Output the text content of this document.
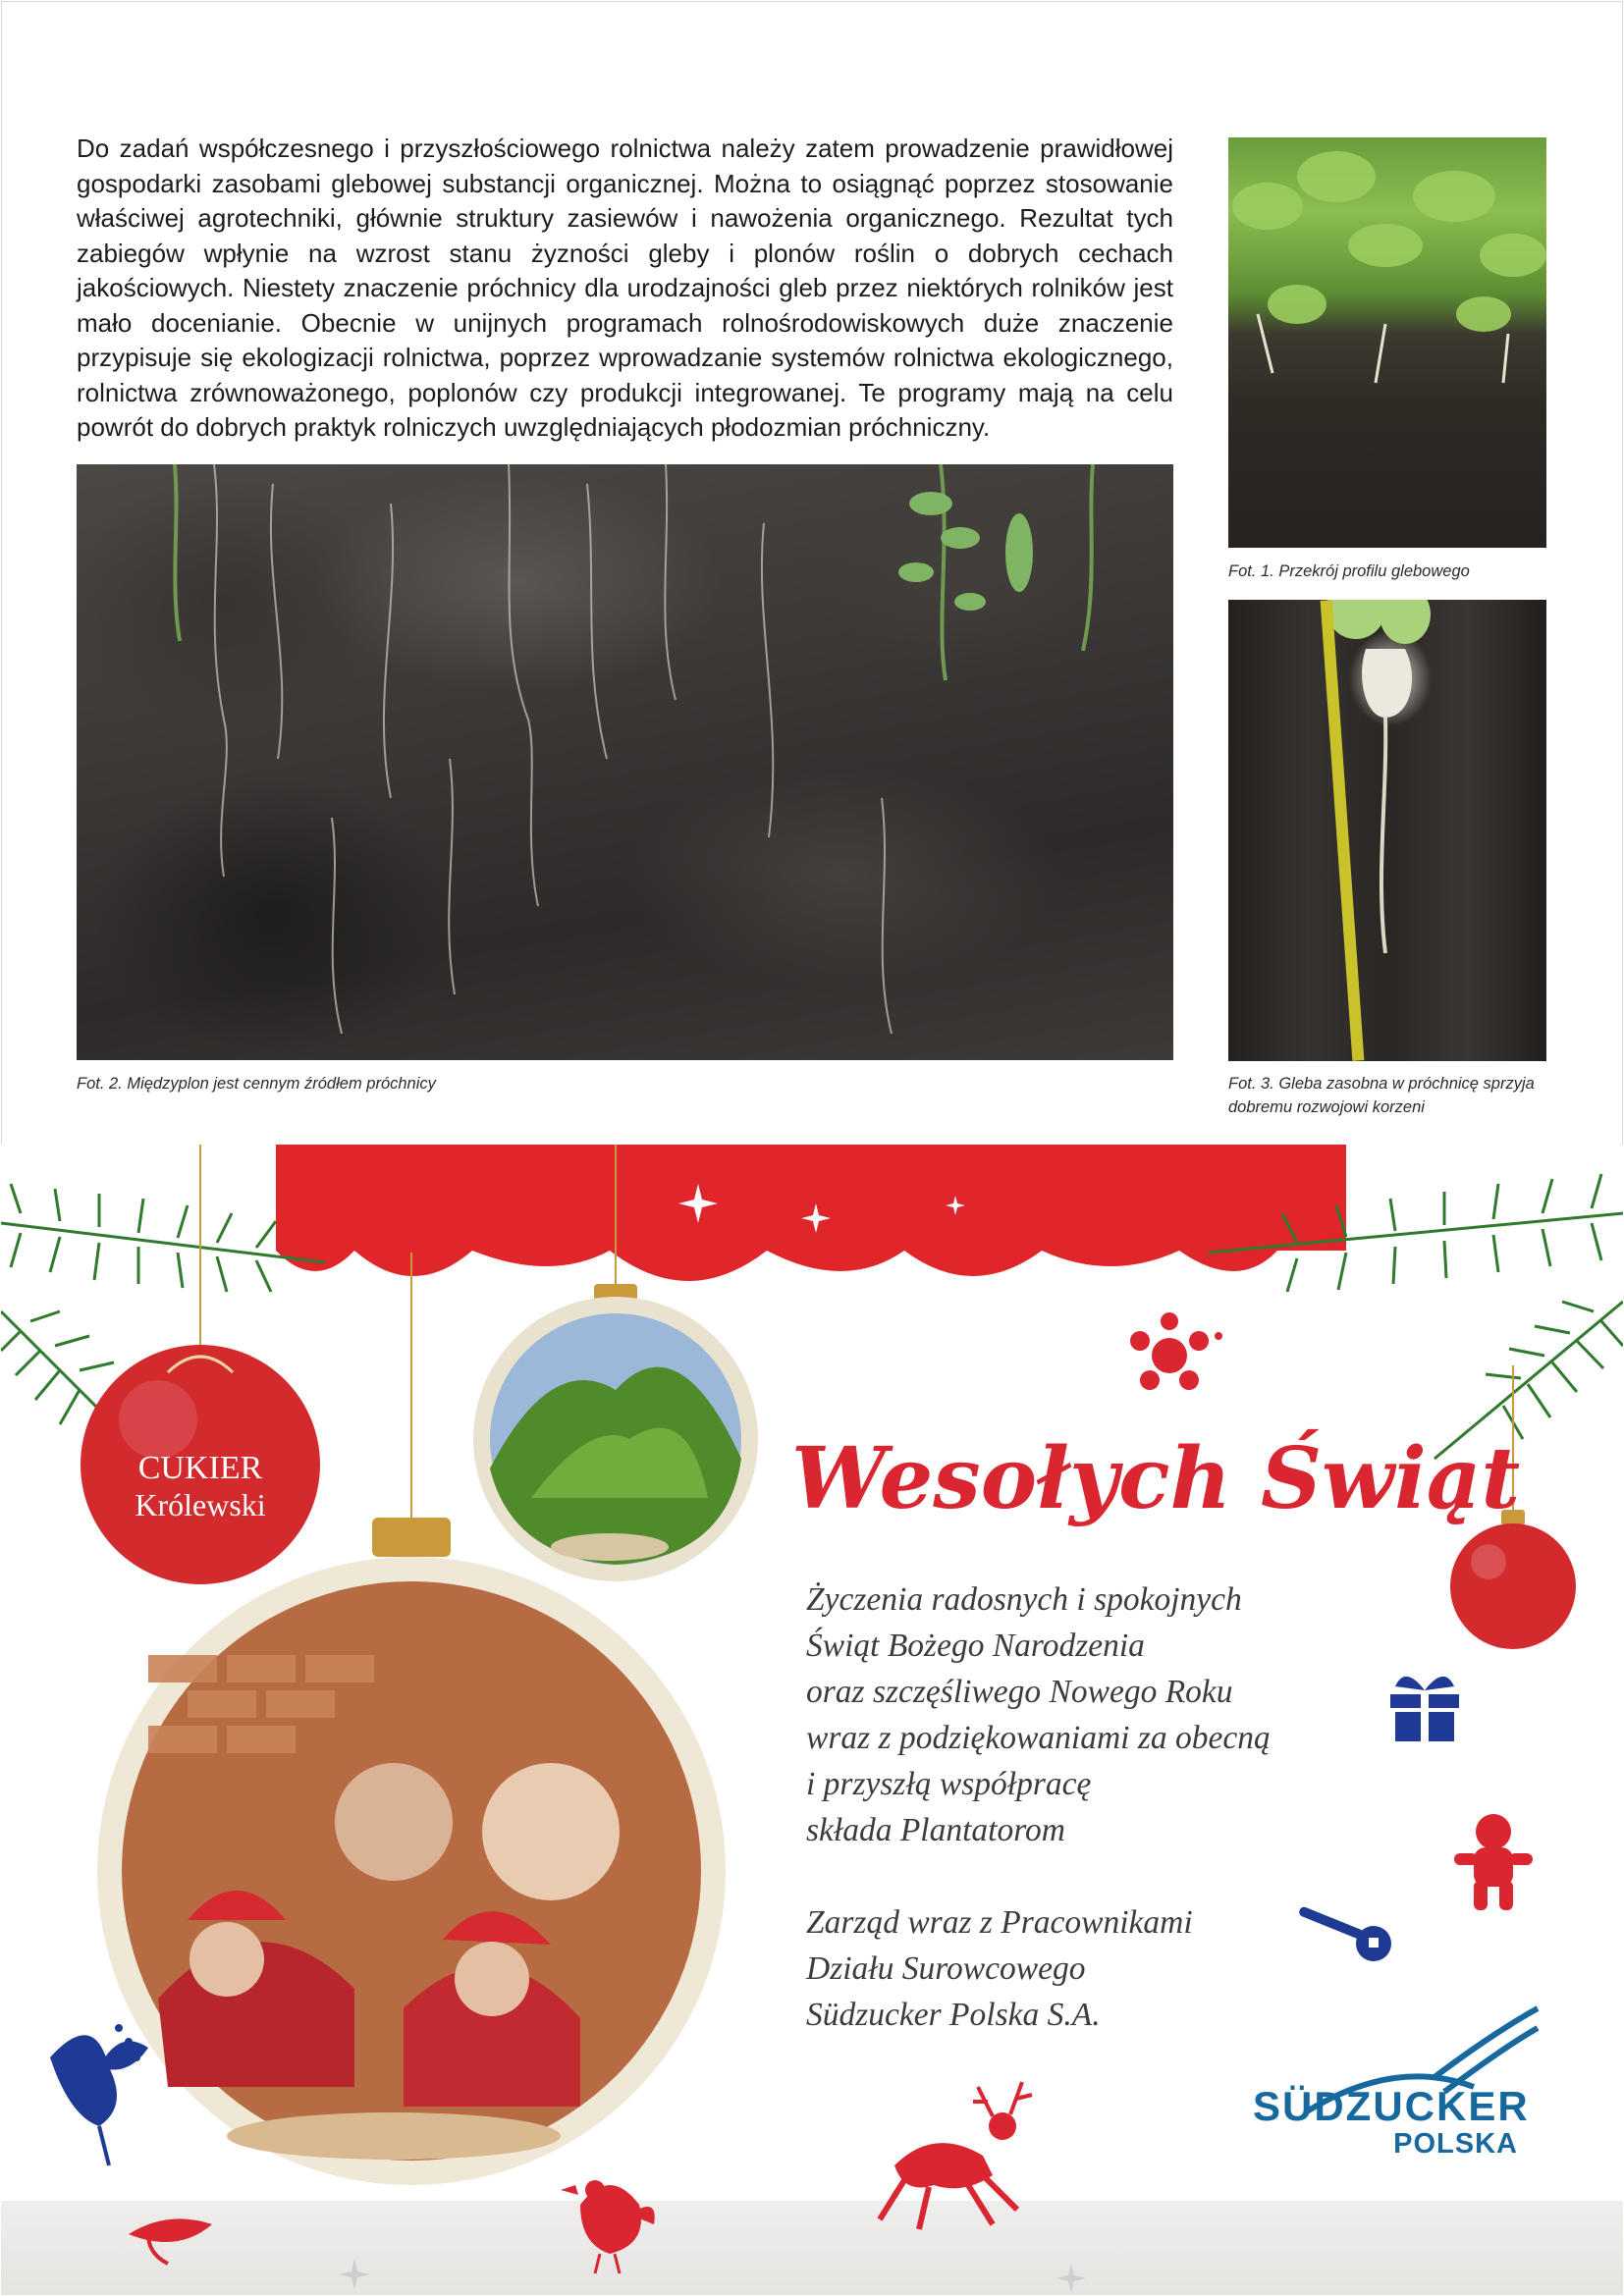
Do zadań współczesnego i przyszłościowego rolnictwa należy zatem prowadzenie prawidłowej gospodarki zasobami glebowej substancji organicznej. Można to osiągnąć poprzez stosowanie właściwej agrotechniki, głównie struktury zasiewów i nawożenia organicznego. Rezultat tych zabiegów wpłynie na wzrost stanu żyzności gleby i plonów roślin o dobrych cechach jakościowych. Niestety znaczenie próchnicy dla urodzajności gleb przez niektórych rolników jest mało docenianie. Obecnie w unijnych programach rolnośrodowiskowych duże znaczenie przypisuje się ekologizacji rolnictwa, poprzez wprowadzanie systemów rolnictwa ekologicznego, rolnictwa zrównoważonego, poplonów czy produkcji integrowanej. Te programy mają na celu powrót do dobrych praktyk rolniczych uwzględniających płodozmian próchniczny.
Fot. 2. Międzyplon jest cennym źródłem próchnicy
Fot. 1. Przekrój profilu glebowego
Fot. 3. Gleba zasobna w próchnicę sprzyja
dobremu rozwojowi korzeni
CUKIER
Królewski	Wesołych Świąt
Życzenia radosnych i spokojnych
Świąt Bożego Narodzenia
oraz szczęśliwego Nowego Roku
wraz z podziękowaniami za obecną
i przyszłą współpracę
składa Plantatorom
Zarząd wraz z Pracownikami
Działu Surowcowego
Südzucker Polska S.A.
SÜDZUCKER
POLSKA
